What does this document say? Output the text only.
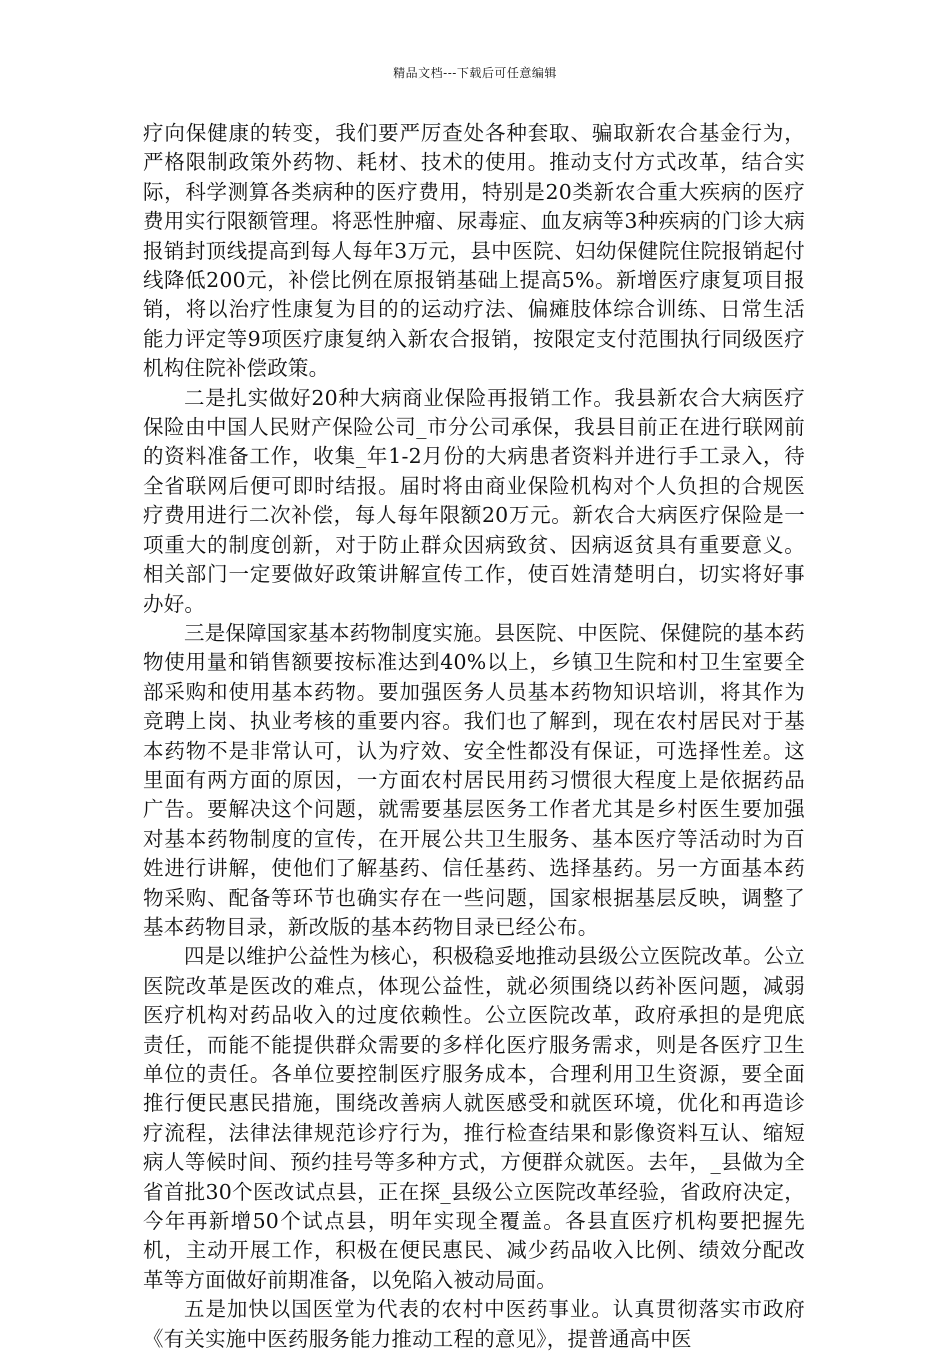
精品文档---下载后可任意编辑

疗向保健康的转变，我们要严厉查处各种套取、骗取新农合基金行为，严格限制政策外药物、耗材、技术的使用。推动支付方式改革，结合实际，科学测算各类病种的医疗费用，特别是20类新农合重大疾病的医疗费用实行限额管理。将恶性肿瘤、尿毒症、血友病等3种疾病的门诊大病报销封顶线提高到每人每年3万元，县中医院、妇幼保健院住院报销起付线降低200元，补偿比例在原报销基础上提高5%。新增医疗康复项目报销，将以治疗性康复为目的的运动疗法、偏瘫肢体综合训练、日常生活能力评定等9项医疗康复纳入新农合报销，按限定支付范围执行同级医疗机构住院补偿政策。

二是扎实做好20种大病商业保险再报销工作。我县新农合大病医疗保险由中国人民财产保险公司_市分公司承保，我县目前正在进行联网前的资料准备工作，收集_年1-2月份的大病患者资料并进行手工录入，待全省联网后便可即时结报。届时将由商业保险机构对个人负担的合规医疗费用进行二次补偿，每人每年限额20万元。新农合大病医疗保险是一项重大的制度创新，对于防止群众因病致贫、因病返贫具有重要意义。相关部门一定要做好政策讲解宣传工作，使百姓清楚明白，切实将好事办好。

三是保障国家基本药物制度实施。县医院、中医院、保健院的基本药物使用量和销售额要按标准达到40%以上，乡镇卫生院和村卫生室要全部采购和使用基本药物。要加强医务人员基本药物知识培训，将其作为竞聘上岗、执业考核的重要内容。我们也了解到，现在农村居民对于基本药物不是非常认可，认为疗效、安全性都没有保证，可选择性差。这里面有两方面的原因，一方面农村居民用药习惯很大程度上是依据药品广告。要解决这个问题，就需要基层医务工作者尤其是乡村医生要加强对基本药物制度的宣传，在开展公共卫生服务、基本医疗等活动时为百姓进行讲解，使他们了解基药、信任基药、选择基药。另一方面基本药物采购、配备等环节也确实存在一些问题，国家根据基层反映，调整了基本药物目录，新改版的基本药物目录已经公布。

四是以维护公益性为核心，积极稳妥地推动县级公立医院改革。公立医院改革是医改的难点，体现公益性，就必须围绕以药补医问题，减弱医疗机构对药品收入的过度依赖性。公立医院改革，政府承担的是兜底责任，而能不能提供群众需要的多样化医疗服务需求，则是各医疗卫生单位的责任。各单位要控制医疗服务成本，合理利用卫生资源，要全面推行便民惠民措施，围绕改善病人就医感受和就医环境，优化和再造诊疗流程，法律法律规范诊疗行为，推行检查结果和影像资料互认、缩短病人等候时间、预约挂号等多种方式，方便群众就医。去年，_县做为全省首批30个医改试点县，正在探_县级公立医院改革经验，省政府决定，今年再新增50个试点县，明年实现全覆盖。各县直医疗机构要把握先机，主动开展工作，积极在便民惠民、减少药品收入比例、绩效分配改革等方面做好前期准备，以免陷入被动局面。

五是加快以国医堂为代表的农村中医药事业。认真贯彻落实市政府《有关实施中医药服务能力推动工程的意见》，提普通高中医
